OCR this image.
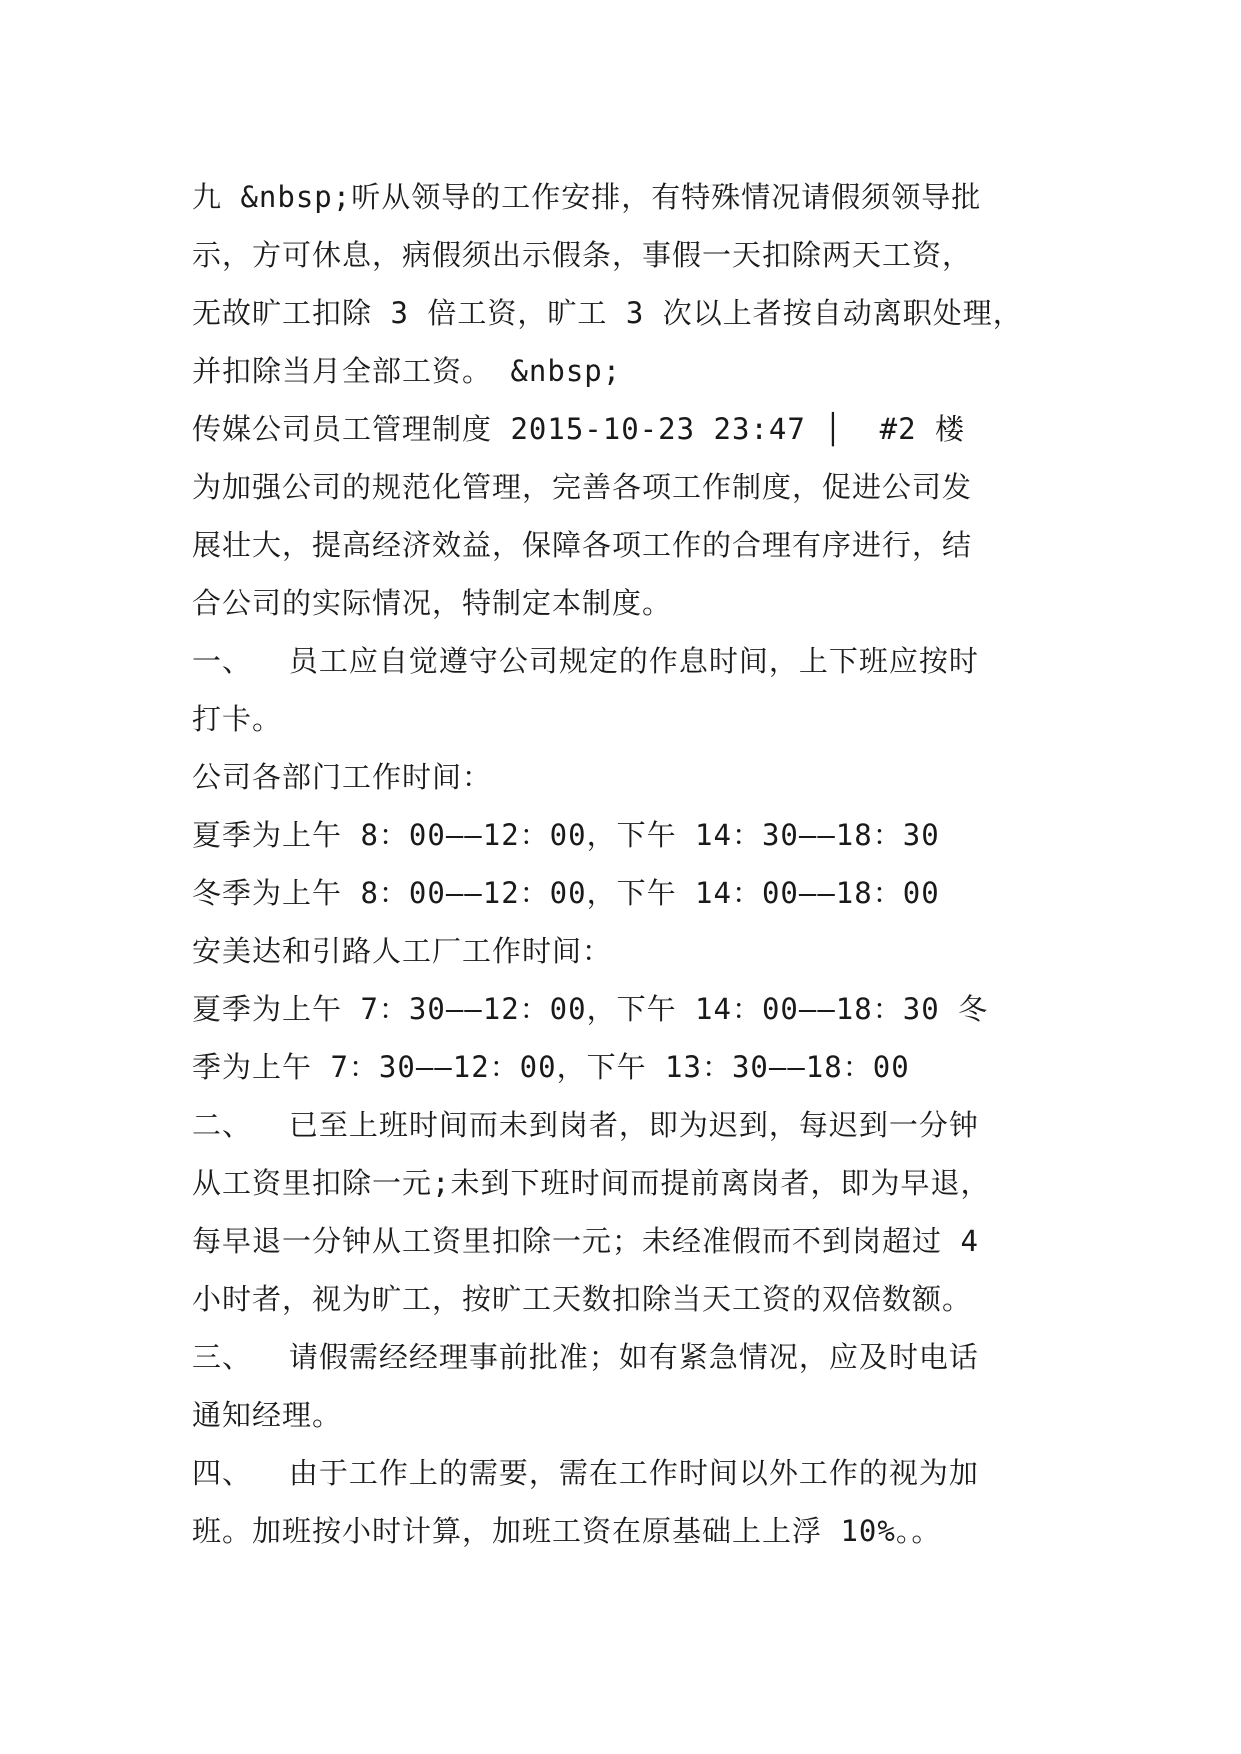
九 &nbsp;听从领导的工作安排，有特殊情况请假须领导批
示，方可休息，病假须出示假条，事假一天扣除两天工资，
无故旷工扣除 3 倍工资，旷工 3 次以上者按自动离职处理，
并扣除当月全部工资。 &nbsp;
传媒公司员工管理制度 2015-10-23 23:47 │  #2 楼
为加强公司的规范化管理，完善各项工作制度，促进公司发
展壮大，提高经济效益，保障各项工作的合理有序进行，结
合公司的实际情况，特制定本制度。
一、  员工应自觉遵守公司规定的作息时间，上下班应按时
打卡。
公司各部门工作时间：
夏季为上午 8：00——12：00，下午 14：30——18：30
冬季为上午 8：00——12：00，下午 14：00——18：00
安美达和引路人工厂工作时间：
夏季为上午 7：30——12：00，下午 14：00——18：30 冬
季为上午 7：30——12：00，下午 13：30——18：00
二、  已至上班时间而未到岗者，即为迟到，每迟到一分钟
从工资里扣除一元;未到下班时间而提前离岗者，即为早退，
每早退一分钟从工资里扣除一元；未经准假而不到岗超过 4
小时者，视为旷工，按旷工天数扣除当天工资的双倍数额。
三、  请假需经经理事前批准；如有紧急情况，应及时电话
通知经理。
四、  由于工作上的需要，需在工作时间以外工作的视为加
班。加班按小时计算，加班工资在原基础上上浮 10%。。
